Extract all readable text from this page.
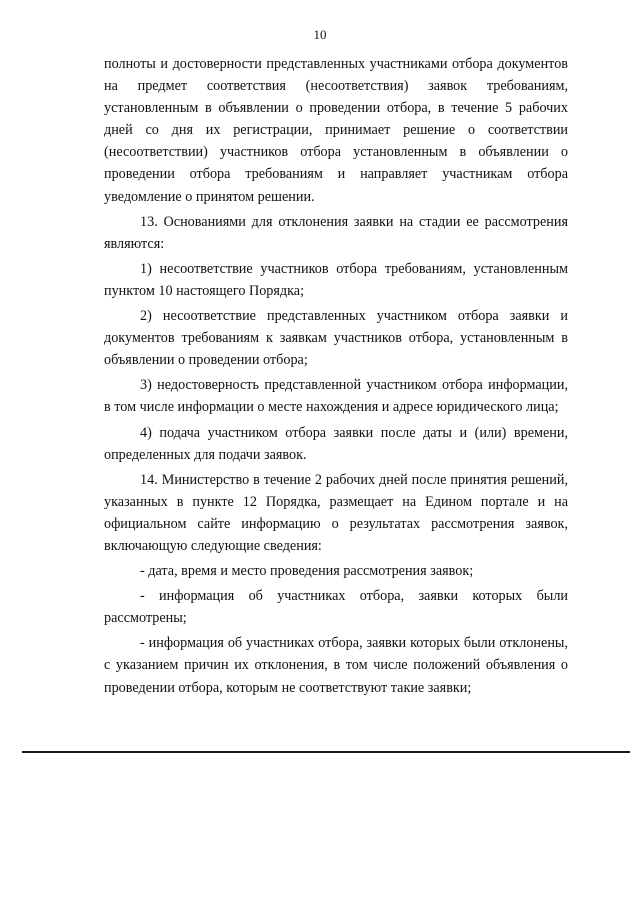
10

полноты и достоверности представленных участниками отбора документов на предмет соответствия (несоответствия) заявок требованиям, установленным в объявлении о проведении отбора, в течение 5 рабочих дней со дня их регистрации, принимает решение о соответствии (несоответствии) участников отбора установленным в объявлении о проведении отбора требованиям и направляет участникам отбора уведомление о принятом решении.

13. Основаниями для отклонения заявки на стадии ее рассмотрения являются:

1) несоответствие участников отбора требованиям, установленным пунктом 10 настоящего Порядка;

2) несоответствие представленных участником отбора заявки и документов требованиям к заявкам участников отбора, установленным в объявлении о проведении отбора;

3) недостоверность представленной участником отбора информации, в том числе информации о месте нахождения и адресе юридического лица;

4) подача участником отбора заявки после даты и (или) времени, определенных для подачи заявок.

14. Министерство в течение 2 рабочих дней после принятия решений, указанных в пункте 12 Порядка, размещает на Едином портале и на официальном сайте информацию о результатах рассмотрения заявок, включающую следующие сведения:

- дата, время и место проведения рассмотрения заявок;

- информация об участниках отбора, заявки которых были рассмотрены;

- информация об участниках отбора, заявки которых были отклонены, с указанием причин их отклонения, в том числе положений объявления о проведении отбора, которым не соответствуют такие заявки;
